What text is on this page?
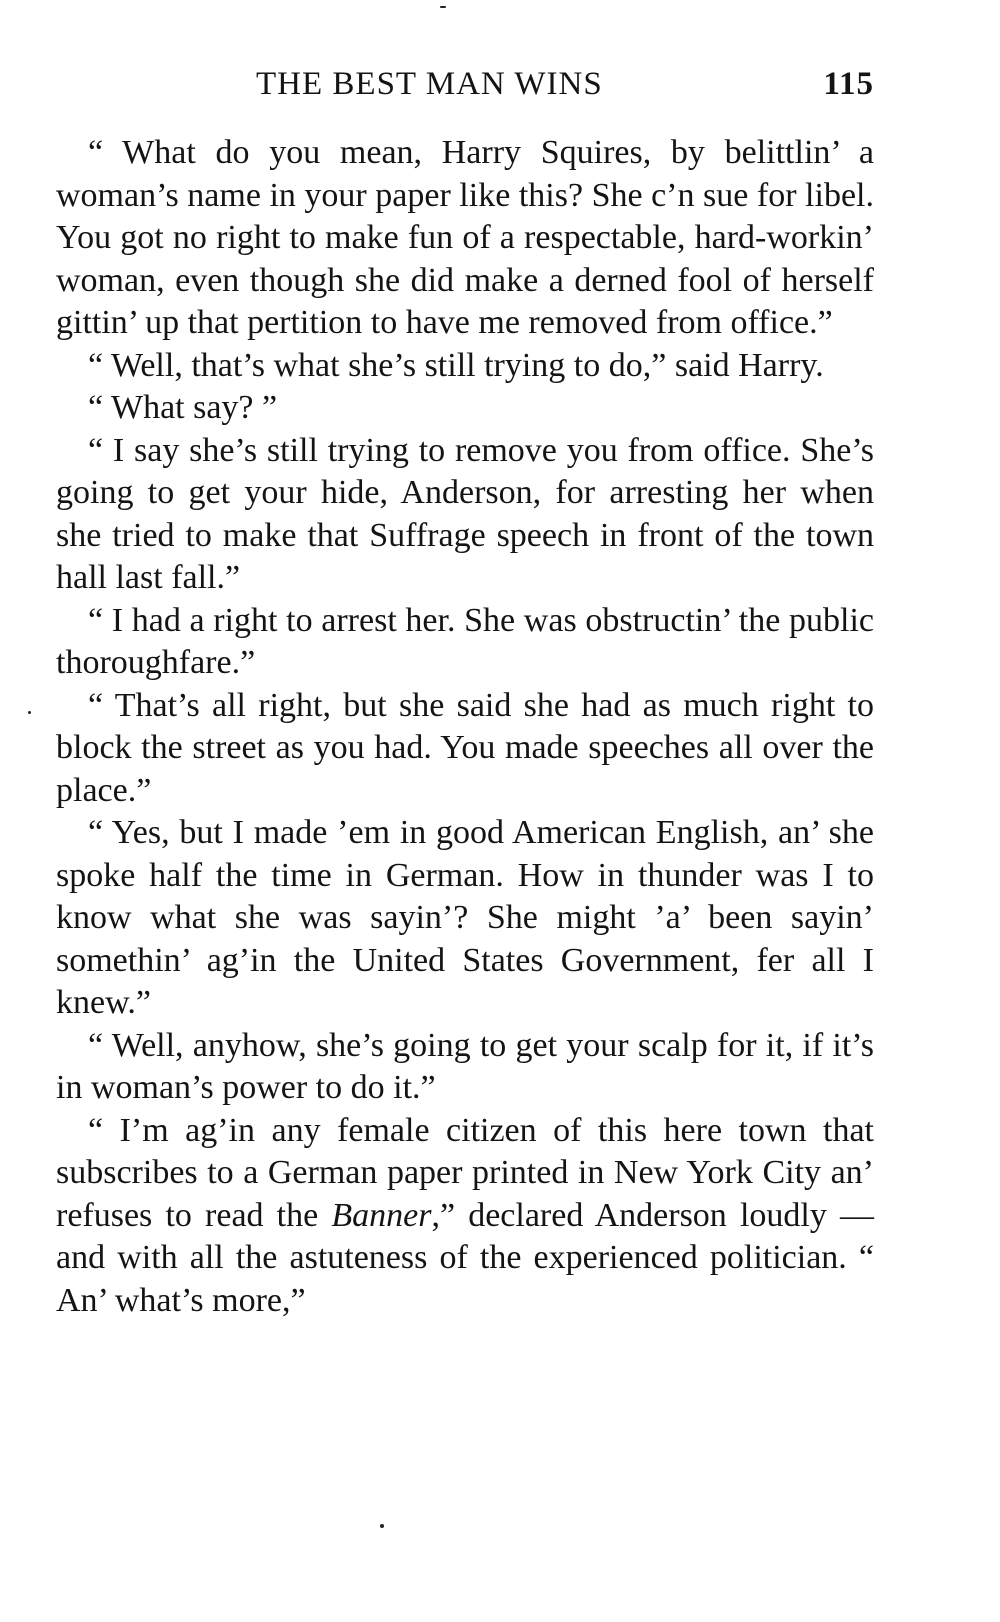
THE BEST MAN WINS	115

“ What do you mean, Harry Squires, by belittlin’ a woman’s name in your paper like this? She c’n sue for libel. You got no right to make fun of a respectable, hard-workin’ woman, even though she did make a derned fool of herself gittin’ up that pertition to have me removed from office.”

“ Well, that’s what she’s still trying to do,” said Harry.

“ What say? ”

“ I say she’s still trying to remove you from office. She’s going to get your hide, Anderson, for arresting her when she tried to make that Suffrage speech in front of the town hall last fall.”

“ I had a right to arrest her. She was obstructin’ the public thoroughfare.”

“ That’s all right, but she said she had as much right to block the street as you had. You made speeches all over the place.”

“ Yes, but I made ’em in good American English, an’ she spoke half the time in German. How in thunder was I to know what she was sayin’? She might ’a’ been sayin’ somethin’ ag’in the United States Government, fer all I knew.”

“ Well, anyhow, she’s going to get your scalp for it, if it’s in woman’s power to do it.”

“ I’m ag’in any female citizen of this here town that subscribes to a German paper printed in New York City an’ refuses to read the Banner,” declared Anderson loudly — and with all the astuteness of the experienced politician. “ An’ what’s more,”
